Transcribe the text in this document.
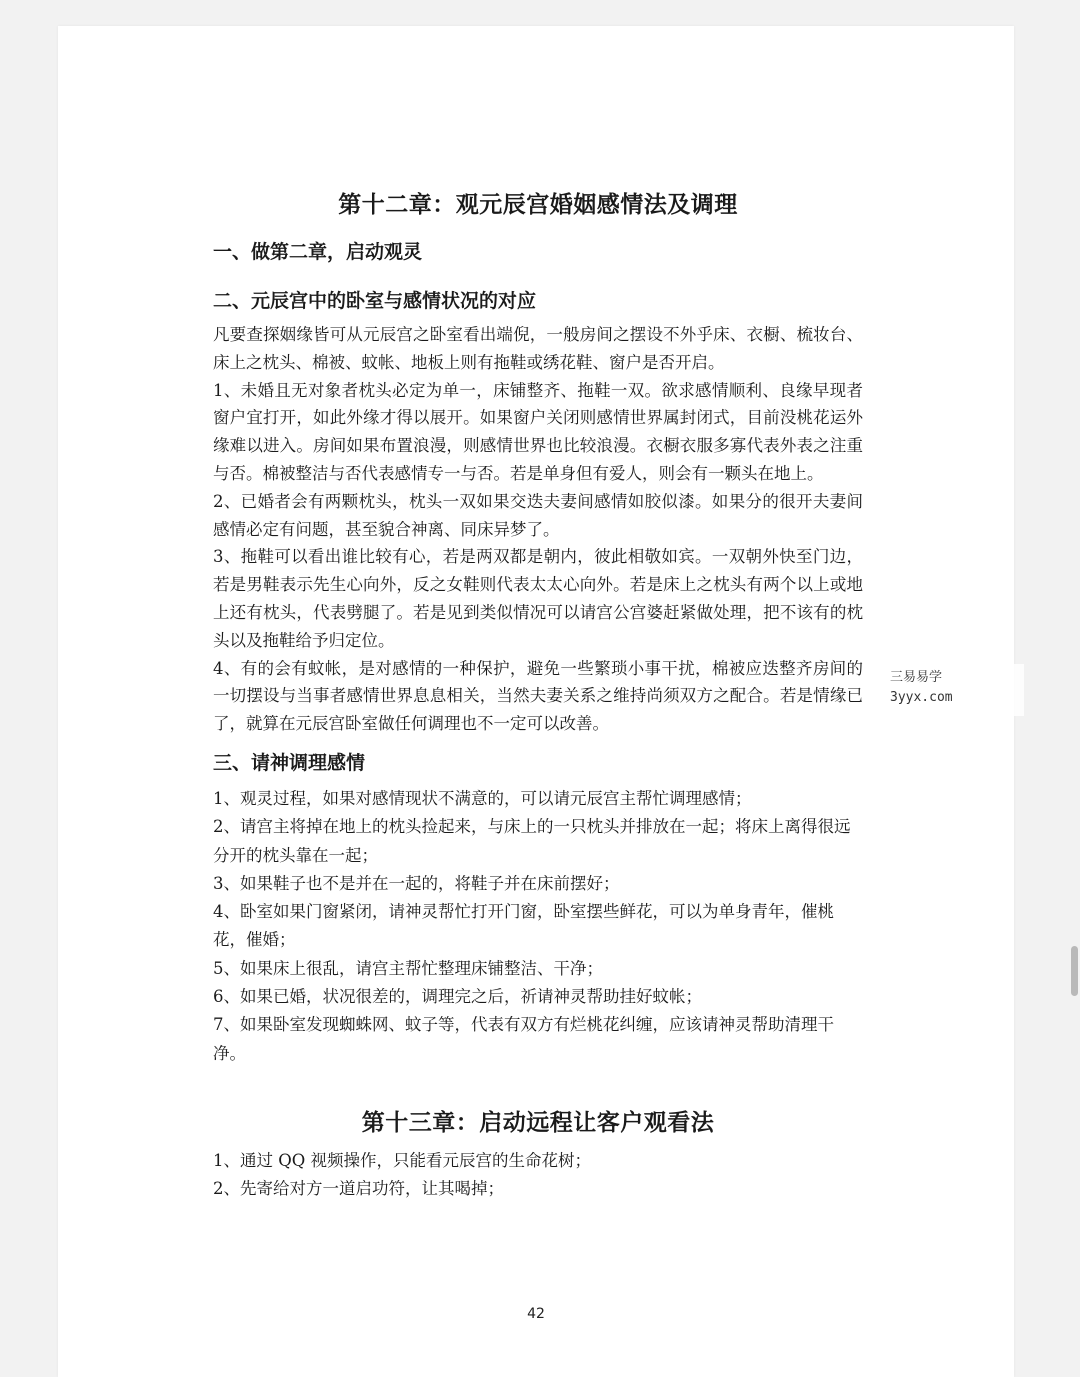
第十二章：观元辰宫婚姻感情法及调理
一、做第二章，启动观灵
二、元辰宫中的卧室与感情状况的对应

凡要查探姻缘皆可从元辰宫之卧室看出端倪，一般房间之摆设不外乎床、衣橱、梳妆台、床上之枕头、棉被、蚊帐、地板上则有拖鞋或绣花鞋、窗户是否开启。

1、未婚且无对象者枕头必定为单一，床铺整齐、拖鞋一双。欲求感情顺利、良缘早现者窗户宜打开，如此外缘才得以展开。如果窗户关闭则感情世界属封闭式，目前没桃花运外缘难以进入。房间如果布置浪漫，则感情世界也比较浪漫。衣橱衣服多寡代表外表之注重与否。棉被整洁与否代表感情专一与否。若是单身但有爱人，则会有一颗头在地上。

2、已婚者会有两颗枕头，枕头一双如果交迭夫妻间感情如胶似漆。如果分的很开夫妻间感情必定有问题，甚至貌合神离、同床异梦了。

3、拖鞋可以看出谁比较有心，若是两双都是朝内，彼此相敬如宾。一双朝外快至门边，若是男鞋表示先生心向外，反之女鞋则代表太太心向外。若是床上之枕头有两个以上或地上还有枕头，代表劈腿了。若是见到类似情况可以请宫公宫婆赶紧做处理，把不该有的枕头以及拖鞋给予归定位。

4、有的会有蚊帐，是对感情的一种保护，避免一些繁琐小事干扰，棉被应迭整齐房间的一切摆设与当事者感情世界息息相关，当然夫妻关系之维持尚须双方之配合。若是情缘已了，就算在元辰宫卧室做任何调理也不一定可以改善。

三、请神调理感情

1、观灵过程，如果对感情现状不满意的，可以请元辰宫主帮忙调理感情；

2、请宫主将掉在地上的枕头捡起来，与床上的一只枕头并排放在一起；将床上离得很远分开的枕头靠在一起；

3、如果鞋子也不是并在一起的，将鞋子并在床前摆好；

4、卧室如果门窗紧闭，请神灵帮忙打开门窗，卧室摆些鲜花，可以为单身青年，催桃花，催婚；

5、如果床上很乱，请宫主帮忙整理床铺整洁、干净；

6、如果已婚，状况很差的，调理完之后，祈请神灵帮助挂好蚊帐；

7、如果卧室发现蜘蛛网、蚊子等，代表有双方有烂桃花纠缠，应该请神灵帮助清理干净。

第十三章：启动远程让客户观看法

1、通过 QQ 视频操作，只能看元辰宫的生命花树；

2、先寄给对方一道启功符，让其喝掉；

42
三易易学
3yyx.com
